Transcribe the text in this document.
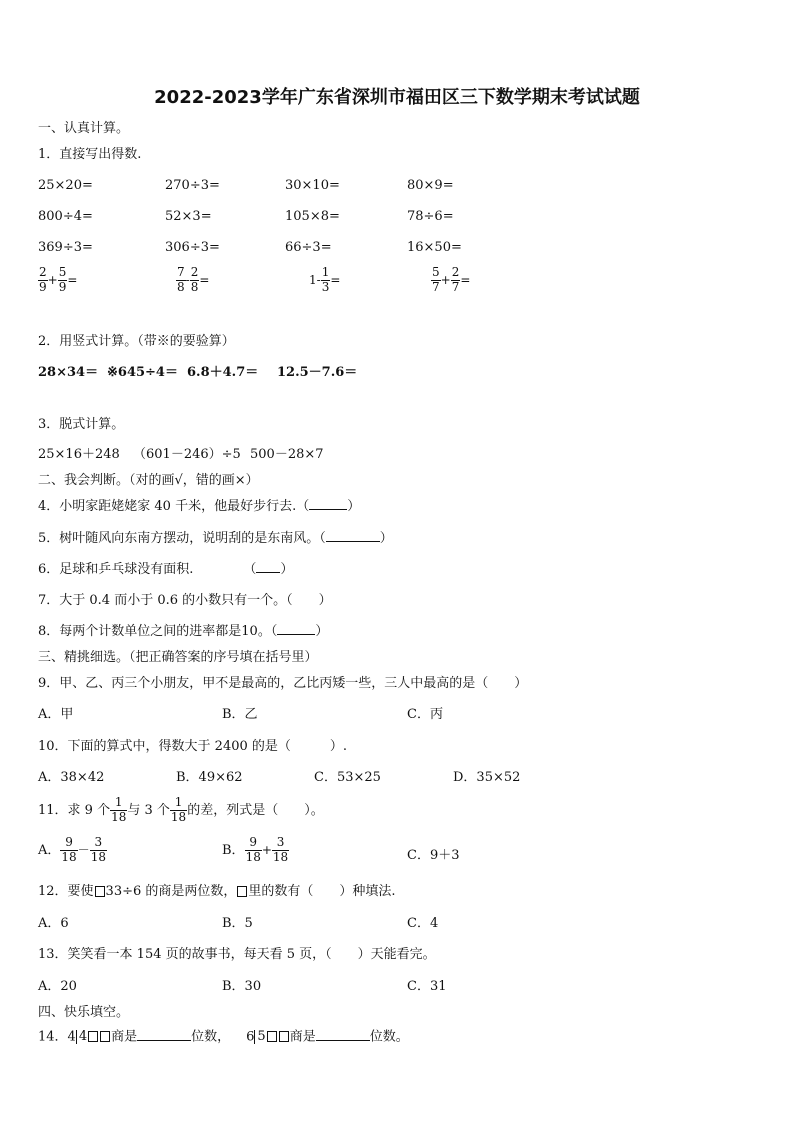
2022-2023学年广东省深圳市福田区三下数学期末考试试题
一、认真计算。
1．直接写出得数.
25×20=	270÷3=	30×10=	80×9=
800÷4=	52×3=	105×8=	78÷6=
369÷3=	306÷3=	66÷3=	16×50=
$\frac{2}{9} + \frac{5}{9}$ =	$\frac{7}{8} - \frac{2}{8}$ =	$1- \frac{1}{3}$ =	$\frac{5}{7} + \frac{2}{7}$ =
2．用竖式计算。（带※的要验算）
28×34＝ ※645÷4＝ 6.8＋4.7＝ 12.5－7.6＝
3．脱式计算。
25×16＋248 （601－246）÷5 500－28×7
二、我会判断。（对的画√，错的画×）
4．小明家距姥姥家 40 千米，他最好步行去.（	）
5．树叶随风向东南方摆动，说明刮的是东南风。（	）
6．足球和乒乓球没有面积.	（ ）
7．大于 0.4 而小于 0.6 的小数只有一个。（　　）
8．每两个计数单位之间的进率都是10。（	）
三、精挑细选。（把正确答案的序号填在括号里）
9．甲、乙、丙三个小朋友，甲不是最高的，乙比丙矮一些，三人中最高的是（　　）
A．甲	B．乙	C．丙
10．下面的算式中，得数大于 2400 的是（　　　）.
A．38×42	B．49×62	C．53×25	D．35×52
11．求 9 个 $\frac{1}{18}$ 与 3 个 $\frac{1}{18}$ 的差，列式是（　　）。
A． $\frac{9}{18} - \frac{3}{18}$	B． $\frac{9}{18} + \frac{3}{18}$	C．9＋3
12．要使 33÷6 的商是两位数， 里的数有（　　）种填法.
A．6	B．5	C．4
13．笑笑看一本 154 页的故事书，每天看 5 页，（　　）天能看完。
A．20	B．30	C．31
四、快乐填空。
14．4 4 商是	位数， 6 5 商是	位数。
